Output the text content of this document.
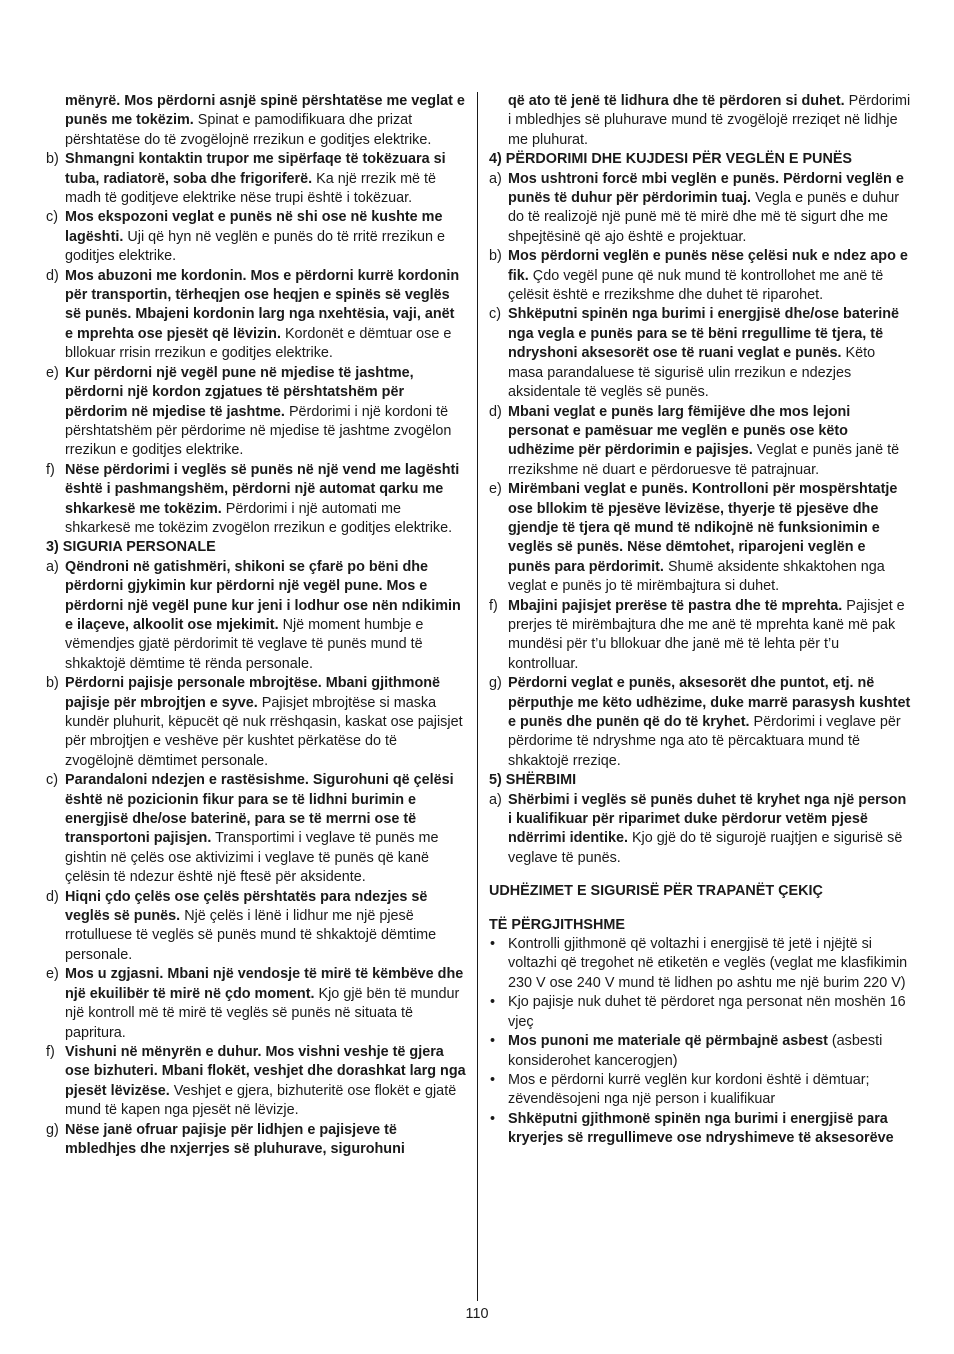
mënyrë. Mos përdorni asnjë spinë përshtatëse me veglat e punës me tokëzim. Spinat e pamodifikuara dhe prizat përshtatëse do të zvogëlojnë rrezikun e goditjes elektrike.
b) Shmangni kontaktin trupor me sipërfaqe të tokëzuara si tuba, radiatorë, soba dhe frigoriferë. Ka një rrezik më të madh të goditjeve elektrike nëse trupi është i tokëzuar.
c) Mos ekspozoni veglat e punës në shi ose në kushte me lagështi. Uji që hyn në veglën e punës do të rritë rrezikun e goditjes elektrike.
d) Mos abuzoni me kordonin. Mos e përdorni kurrë kordonin për transportin, tërheqjen ose heqjen e spinës së veglës së punës. Mbajeni kordonin larg nga nxehtësia, vaji, anët e mprehta ose pjesët që lëvizin. Kordonët e dëmtuar ose e bllokuar rrisin rrezikun e goditjes elektrike.
e) Kur përdorni një vegël pune në mjedise të jashtme, përdorni një kordon zgjatues të përshtatshëm për përdorim në mjedise të jashtme. Përdorimi i një kordoni të përshtatshëm për përdorime në mjedise të jashtme zvogëlon rrezikun e goditjes elektrike.
f) Nëse përdorimi i veglës së punës në një vend me lagështi është i pashmangshëm, përdorni një automat qarku me shkarkesë me tokëzim. Përdorimi i një automati me shkarkesë me tokëzim zvogëlon rrezikun e goditjes elektrike.
3) SIGURIA PERSONALE
a) Qëndroni në gatishmëri, shikoni se çfarë po bëni dhe përdorni gjykimin kur përdorni një vegël pune. Mos e përdorni një vegël pune kur jeni i lodhur ose nën ndikimin e ilaçeve, alkoolit ose mjekimit. Një moment humbje e vëmendjes gjatë përdorimit të veglave të punës mund të shkaktojë dëmtime të rënda personale.
b) Përdorni pajisje personale mbrojtëse. Mbani gjithmonë pajisje për mbrojtjen e syve. Pajisjet mbrojtëse si maska kundër pluhurit, këpucët që nuk rrëshqasin, kaskat ose pajisjet për mbrojtjen e veshëve për kushtet përkatëse do të zvogëlojnë dëmtimet personale.
c) Parandaloni ndezjen e rastësishme. Sigurohuni që çelësi është në pozicionin fikur para se të lidhni burimin e energjisë dhe/ose baterinë, para se të merrni ose të transportoni pajisjen. Transportimi i veglave të punës me gishtin në çelës ose aktivizimi i veglave të punës që kanë çelësin të ndezur është një ftesë për aksidente.
d) Hiqni çdo çelës ose çelës përshtatës para ndezjes së veglës së punës. Një çelës i lënë i lidhur me një pjesë rrotulluese të veglës së punës mund të shkaktojë dëmtime personale.
e) Mos u zgjasni. Mbani një vendosje të mirë të këmbëve dhe një ekuilibër të mirë në çdo moment. Kjo gjë bën të mundur një kontroll më të mirë të veglës së punës në situata të papritura.
f) Vishuni në mënyrën e duhur. Mos vishni veshje të gjera ose bizhuteri. Mbani flokët, veshjet dhe dorashkat larg nga pjesët lëvizëse. Veshjet e gjera, bizhuteritë ose flokët e gjatë mund të kapen nga pjesët në lëvizje.
g) Nëse janë ofruar pajisje për lidhjen e pajisjeve të mbledhjes dhe nxjerrjes së pluhurave, sigurohuni
që ato të jenë të lidhura dhe të përdoren si duhet. Përdorimi i mbledhjes së pluhurave mund të zvogëlojë rreziqet në lidhje me pluhurat.
4) PËRDORIMI DHE KUJDESI PËR VEGLËN E PUNËS
a) Mos ushtroni forcë mbi veglën e punës. Përdorni veglën e punës të duhur për përdorimin tuaj. Vegla e punës e duhur do të realizojë një punë më të mirë dhe më të sigurt dhe me shpejtësinë që ajo është e projektuar.
b) Mos përdorni veglën e punës nëse çelësi nuk e ndez apo e fik. Çdo vegël pune që nuk mund të kontrollohet me anë të çelësit është e rrezikshme dhe duhet të riparohet.
c) Shkëputni spinën nga burimi i energjisë dhe/ose baterinë nga vegla e punës para se të bëni rregullime të tjera, të ndryshoni aksesorët ose të ruani veglat e punës. Këto masa parandaluese të sigurisë ulin rrezikun e ndezjes aksidentale të veglës së punës.
d) Mbani veglat e punës larg fëmijëve dhe mos lejoni personat e pamësuar me veglën e punës ose këto udhëzime për përdorimin e pajisjes. Veglat e punës janë të rrezikshme në duart e përdoruesve të patrajnuar.
e) Mirëmbani veglat e punës. Kontrolloni për mospërshtatje ose bllokim të pjesëve lëvizëse, thyerje të pjesëve dhe gjendje të tjera që mund të ndikojnë në funksionimin e veglës së punës. Nëse dëmtohet, riparojeni veglën e punës para përdorimit. Shumë aksidente shkaktohen nga veglat e punës jo të mirëmbajtura si duhet.
f) Mbajini pajisjet prerëse të pastra dhe të mprehta. Pajisjet e prerjes të mirëmbajtura dhe me anë të mprehta kanë më pak mundësi për t’u bllokuar dhe janë më të lehta për t’u kontrolluar.
g) Përdorni veglat e punës, aksesorët dhe puntot, etj. në përputhje me këto udhëzime, duke marrë parasysh kushtet e punës dhe punën që do të kryhet. Përdorimi i veglave për përdorime të ndryshme nga ato të përcaktuara mund të shkaktojë rreziqe.
5) SHËRBIMI
a) Shërbimi i veglës së punës duhet të kryhet nga një person i kualifikuar për riparimet duke përdorur vetëm pjesë ndërrimi identike. Kjo gjë do të sigurojë ruajtjen e sigurisë së veglave të punës.
UDHËZIMET E SIGURISË PËR TRAPANËT ÇEKIÇ
TË PËRGJITHSHME
• Kontrolli gjithmonë që voltazhi i energjisë të jetë i njëjtë si voltazhi që tregohet në etiketën e veglës (veglat me klasfikimin 230 V ose 240 V mund të lidhen po ashtu me një burim 220 V)
• Kjo pajisje nuk duhet të përdoret nga personat nën moshën 16 vjeç
• Mos punoni me materiale që përmbajnë asbest (asbesti konsiderohet kancerogjen)
• Mos e përdorni kurrë veglën kur kordoni është i dëmtuar; zëvendësojeni nga një person i kualifikuar
• Shkëputni gjithmonë spinën nga burimi i energjisë para kryerjes së rregullimeve ose ndryshimeve të aksesorëve
110
